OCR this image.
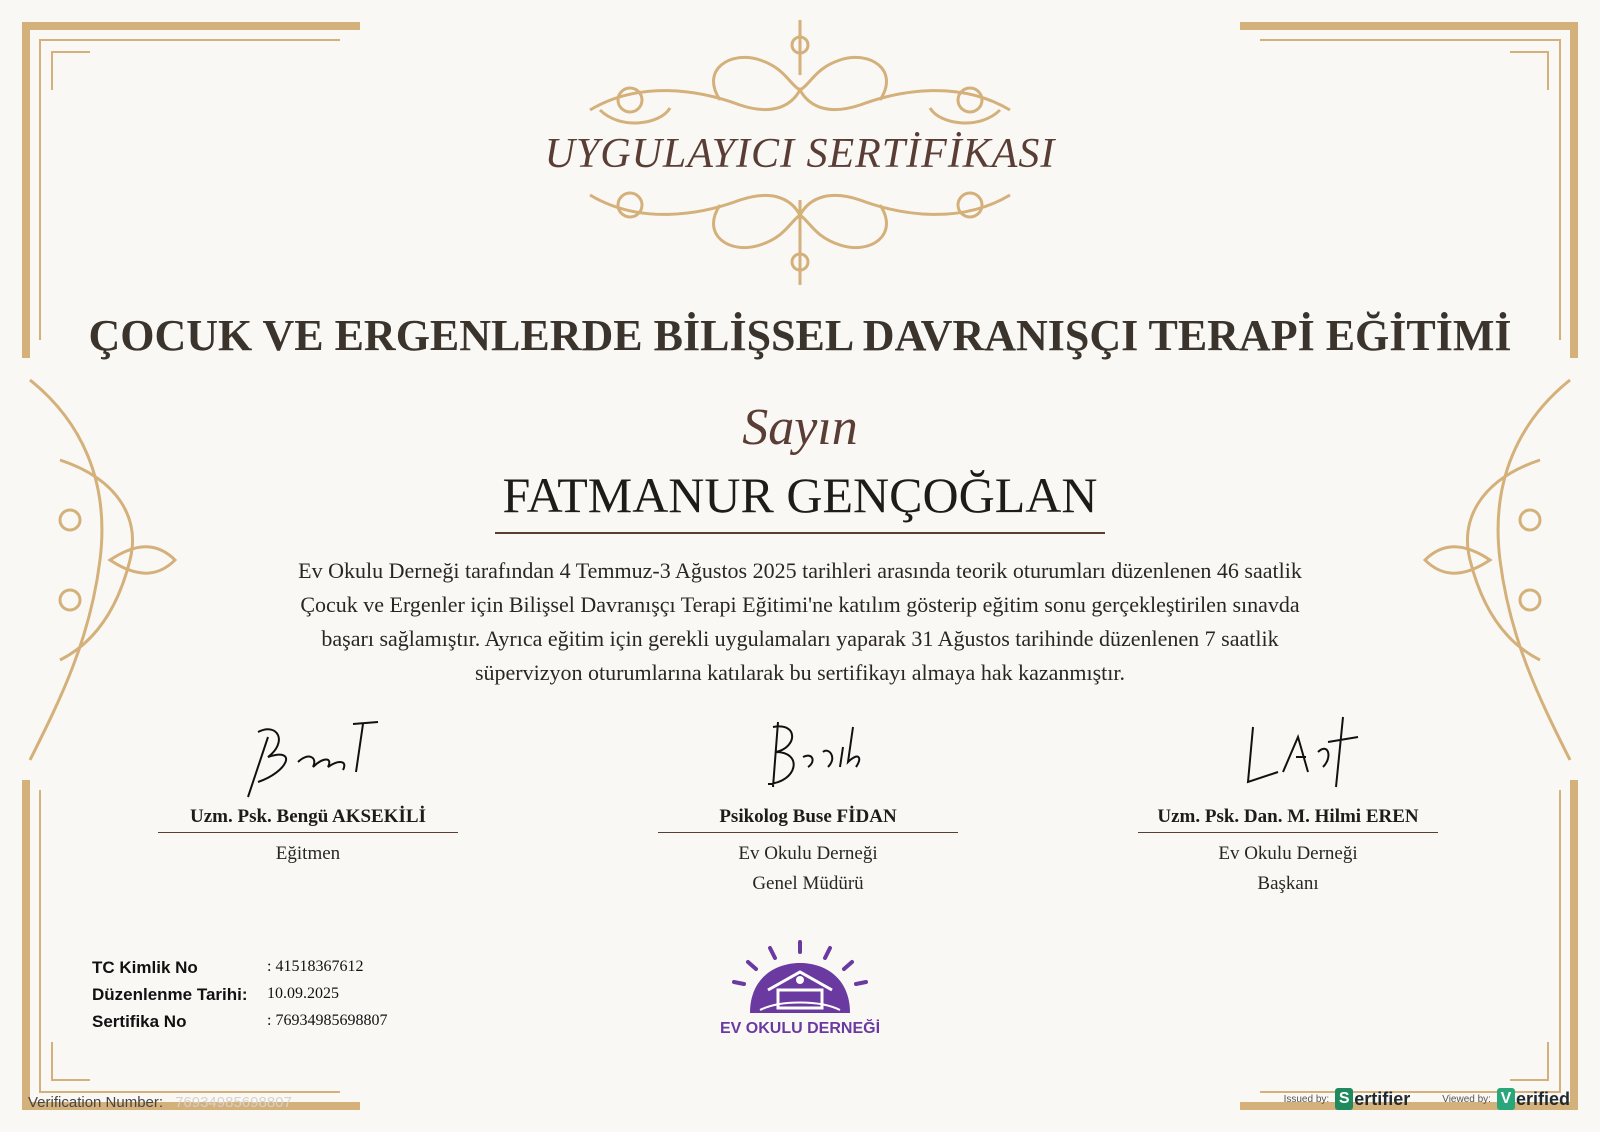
UYGULAYICI SERTİFİKASI
ÇOCUK VE ERGENLERDE BİLİŞSEL DAVRANIŞÇI TERAPİ EĞİTİMİ
Sayın
FATMANUR GENÇOĞLAN
Ev Okulu Derneği tarafından 4 Temmuz-3 Ağustos 2025 tarihleri arasında teorik oturumları düzenlenen 46 saatlik
Çocuk ve Ergenler için Bilişsel Davranışçı Terapi Eğitimi'ne katılım gösterip eğitim sonu gerçekleştirilen sınavda
başarı sağlamıştır. Ayrıca eğitim için gerekli uygulamaları yaparak 31 Ağustos tarihinde düzenlenen 7 saatlik
süpervizyon oturumlarına katılarak bu sertifikayı almaya hak kazanmıştır.
Uzm. Psk. Bengü AKSEKİLİ
Eğitmen
Psikolog Buse FİDAN
Ev Okulu Derneği
Genel Müdürü
Uzm. Psk. Dan. M. Hilmi EREN
Ev Okulu Derneği
Başkanı
TC Kimlik No	: 41518367612
Düzenlenme Tarihi:	10.09.2025
Sertifika No	: 76934985698807	EV OKULU DERNEĞİ
Verification Number: 76934985698807	Issued by: S ertifier	Viewed by: V erified
